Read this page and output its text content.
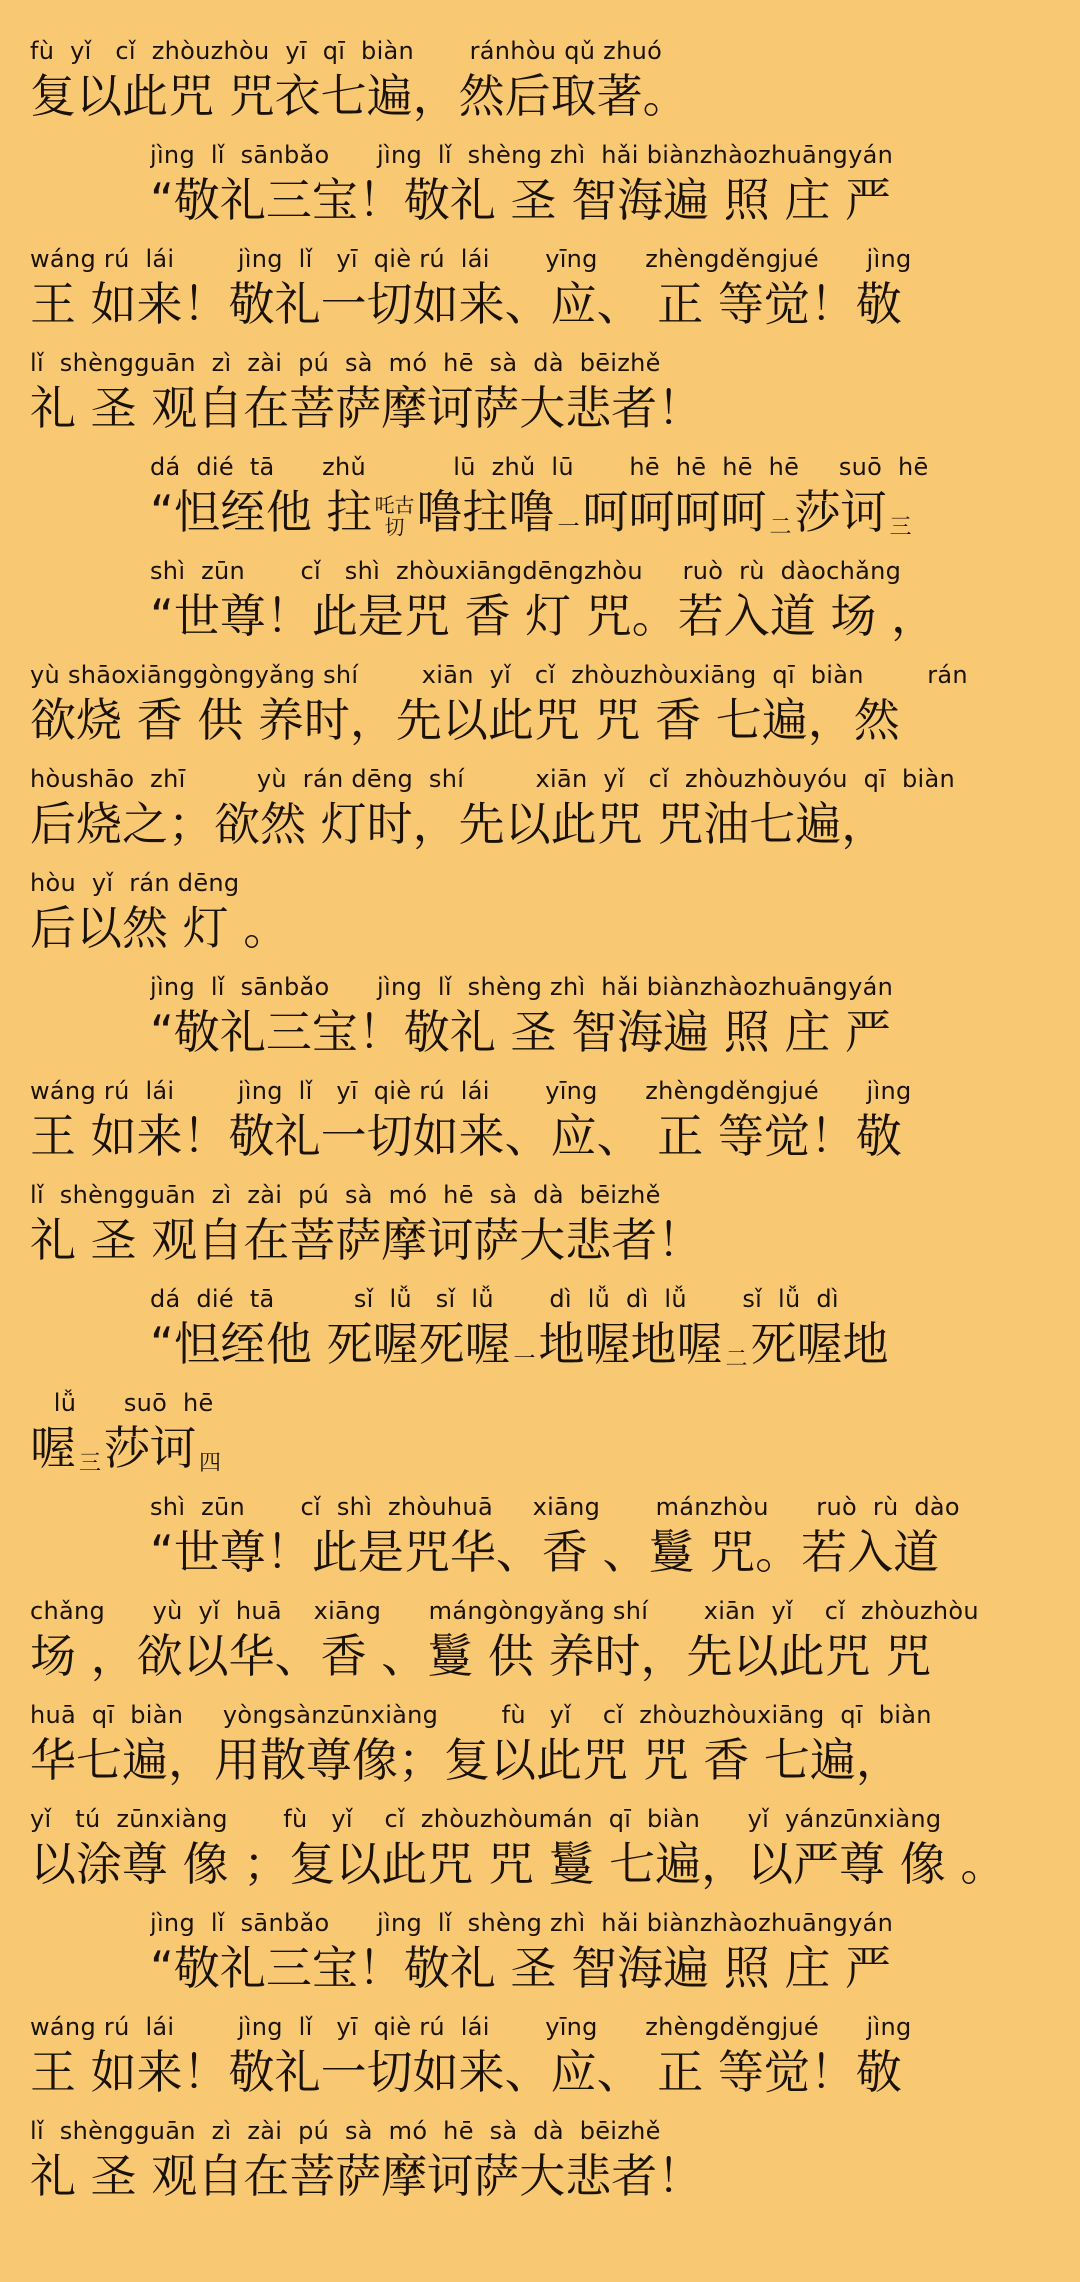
fù  yǐ   cǐ  zhòuzhòu  yī  qī  biàn       ránhòu qǔ zhuó
复以此咒 咒衣七遍，然后取著。
jìng  lǐ  sānbǎo      jìng  lǐ  shèng zhì  hǎi biànzhàozhuāngyán
“敬礼三宝！敬礼 圣 智海遍 照 庄 严
wáng rú  lái        jìng  lǐ   yī  qiè rú  lái       yīng      zhèngděngjué      jìng
王 如来！敬礼一切如来、应、 正 等觉！敬
lǐ  shèngguān  zì  zài  pú  sà  mó  hē  sà  dà  bēizhě
礼 圣 观自在菩萨摩诃萨大悲者！
dá  dié  tā      zhǔ           lū  zhǔ  lū       hē  hē  hē  hē     suō  hē
“怛绖他 拄 吒古
切 噜拄噜 一呵呵呵呵 二莎诃 三
shì  zūn       cǐ   shì  zhòuxiāngdēngzhòu     ruò  rù  dàochǎng
“世尊！此是咒 香 灯 咒。若入道 场 ，
yù shāoxiānggòngyǎng shí        xiān  yǐ   cǐ  zhòuzhòuxiāng  qī  biàn        rán
欲烧 香 供 养时，先以此咒 咒 香 七遍，然
hòushāo  zhī         yù  rán dēng  shí         xiān  yǐ   cǐ  zhòuzhòuyóu  qī  biàn
后烧之；欲然 灯时，先以此咒 咒油七遍，
hòu  yǐ  rán dēng
后以然 灯 。
jìng  lǐ  sānbǎo      jìng  lǐ  shèng zhì  hǎi biànzhàozhuāngyán
“敬礼三宝！敬礼 圣 智海遍 照 庄 严
wáng rú  lái        jìng  lǐ   yī  qiè rú  lái       yīng      zhèngděngjué      jìng
王 如来！敬礼一切如来、应、 正 等觉！敬
lǐ  shèngguān  zì  zài  pú  sà  mó  hē  sà  dà  bēizhě
礼 圣 观自在菩萨摩诃萨大悲者！
dá  dié  tā          sǐ  lǚ   sǐ  lǚ       dì  lǚ  dì  lǚ       sǐ  lǚ  dì
“怛绖他 死喔死喔 一地喔地喔 二死喔地
lǚ      suō  hē
喔三莎诃 四
shì  zūn       cǐ  shì  zhòuhuā     xiāng       mánzhòu      ruò  rù  dào
“世尊！此是咒华、香 、鬘 咒。若入道
chǎng      yù  yǐ  huā    xiāng      mángòngyǎng shí       xiān  yǐ    cǐ  zhòuzhòu
场 ，欲以华、香 、鬘 供 养时，先以此咒 咒
huā  qī  biàn     yòngsànzūnxiàng        fù   yǐ    cǐ  zhòuzhòuxiāng  qī  biàn
华七遍，用散尊像；复以此咒 咒 香 七遍，
yǐ   tú  zūnxiàng       fù   yǐ    cǐ  zhòuzhòumán  qī  biàn      yǐ  yánzūnxiàng
以涂尊 像 ；复以此咒 咒 鬘 七遍，以严尊 像 。
jìng  lǐ  sānbǎo      jìng  lǐ  shèng zhì  hǎi biànzhàozhuāngyán
“敬礼三宝！敬礼 圣 智海遍 照 庄 严
wáng rú  lái        jìng  lǐ   yī  qiè rú  lái       yīng      zhèngděngjué      jìng
王 如来！敬礼一切如来、应、 正 等觉！敬
lǐ  shèngguān  zì  zài  pú  sà  mó  hē  sà  dà  bēizhě
礼 圣 观自在菩萨摩诃萨大悲者！
